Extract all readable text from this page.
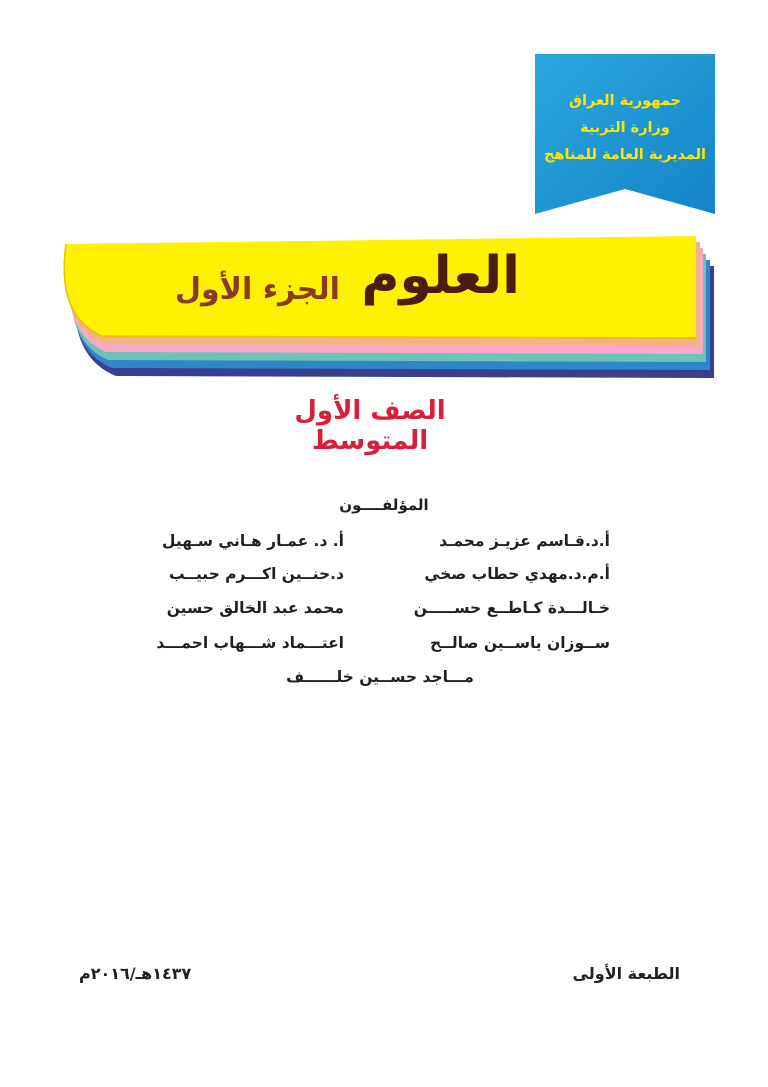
جمهورية العراق
وزارة التربية
المديرية العامة للمناهج
العلوم
الجزء الأول
الصف الأول المتوسط
المؤلفــــون
أ.د.قـاسم عزيـز محمـد
أ. د. عمـار هـاني سـهيل
أ.م.د.مهدي حطاب صخي
د.حنــين اكـــرم حبيــب
خـالـــدة كـاطــع حســـــن
محمد عبد الخالق حسين
ســوزان ياســين صالــح
اعتـــماد شـــهاب احمـــد
مـــاجد حســين خلــــــف
الطبعة الأولى
١٤٣٧هـ/٢٠١٦م
